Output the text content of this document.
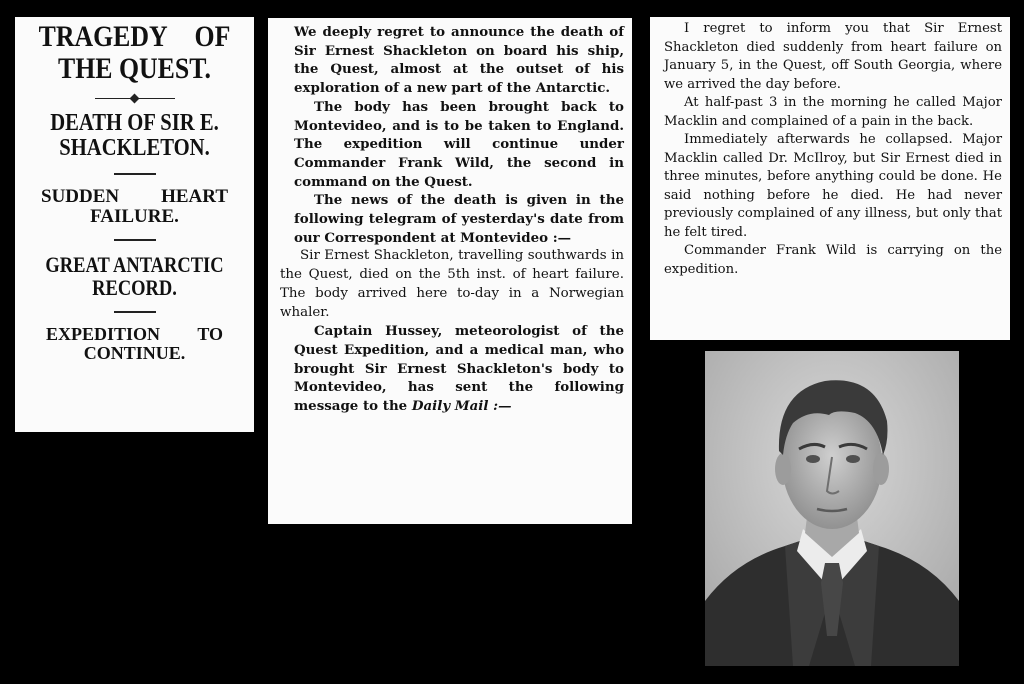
TRAGEDY OF
THE QUEST.
DEATH OF SIR E.
SHACKLETON.
SUDDEN HEART
FAILURE.
GREAT ANTARCTIC
RECORD.
EXPEDITION TO
CONTINUE.

We deeply regret to announce the death of Sir Ernest Shackleton on board his ship, the Quest, almost at the outset of his exploration of a new part of the Antarctic.

The body has been brought back to Montevideo, and is to be taken to England. The expedition will continue under Commander Frank Wild, the second in command on the Quest.

The news of the death is given in the following telegram of yesterday's date from our Correspondent at Montevideo :—

Sir Ernest Shackleton, travelling southwards in the Quest, died on the 5th inst. of heart failure. The body arrived here to-day in a Norwegian whaler.

Captain Hussey, meteorologist of the Quest Expedition, and a medical man, who brought Sir Ernest Shackleton's body to Montevideo, has sent the following message to the Daily Mail :—

I regret to inform you that Sir Ernest Shackleton died suddenly from heart failure on January 5, in the Quest, off South Georgia, where we arrived the day before.

At half-past 3 in the morning he called Major Macklin and complained of a pain in the back.

Immediately afterwards he collapsed. Major Macklin called Dr. McIlroy, but Sir Ernest died in three minutes, before anything could be done. He said nothing before he died. He had never previously complained of any illness, but only that he felt tired.

Commander Frank Wild is carrying on the expedition.
